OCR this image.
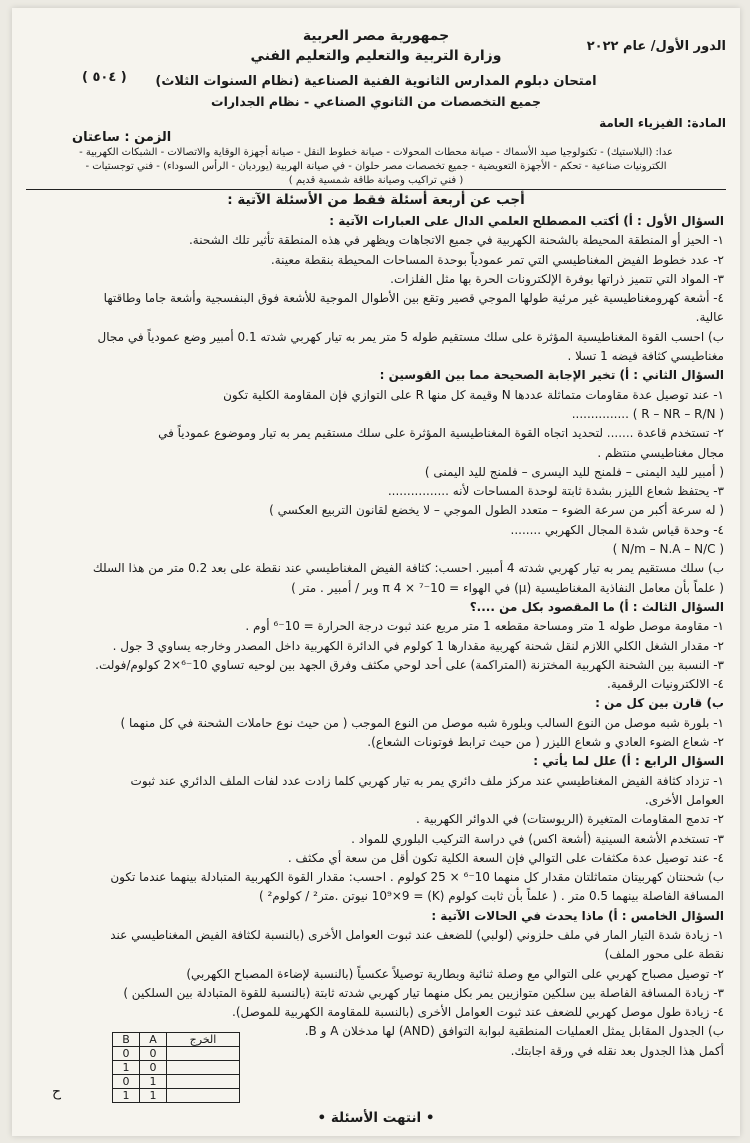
الدور الأول/ عام ٢٠٢٢
( ٥٠٤ )
جمهورية مصر العربية
وزارة التربية والتعليم والتعليم الفني
امتحان دبلوم المدارس الثانوية الفنية الصناعية (نظام السنوات الثلاث)
جميع التخصصات من الثانوي الصناعي - نظام الجدارات
المادة: الفيزياء العامة
الزمن : ساعتان
عدا: (البلاستيك) - تكنولوجيا صيد الأسماك - صيانة محطات المحولات - صيانة خطوط النقل - صيانة أجهزة الوقاية والاتصالات - الشبكات الكهربية -
الكترونيات صناعية - تحكم - الأجهزة التعويضية - جميع تخصصات مصر حلوان - في صيانة الهربية (يورديان - الرأس السوداء) - فني توجستيات -
( فني تراكيب وصيانة طاقة شمسية قديم )
أجب عن أربعة أسئلة فقط من الأسئلة الآتية :

السؤال الأول : أ) أكتب المصطلح العلمي الدال على العبارات الآتية :

١- الحيز أو المنطقة المحيطة بالشحنة الكهربية في جميع الاتجاهات ويظهر في هذه المنطقة تأثير تلك الشحنة.

٢- عدد خطوط الفيض المغناطيسي التي تمر عمودياً بوحدة المساحات المحيطة بنقطة معينة.

٣- المواد التي تتميز ذراتها بوفرة الإلكترونات الحرة بها مثل الفلزات.

٤- أشعة كهرومغناطيسية غير مرئية طولها الموجي قصير وتقع بين الأطوال الموجية للأشعة فوق البنفسجية وأشعة جاما وطاقتها

عالية.

ب) احسب القوة المغناطيسية المؤثرة على سلك مستقيم طوله 5 متر يمر به تيار كهربي شدته 0.1 أمبير وضع عمودياً في مجال

مغناطيسي كثافة فيضه 1 تسلا .

السؤال الثاني : أ) تخير الإجابة الصحيحة مما بين القوسين :

١- عند توصيل عدة مقاومات متماثلة عددها N وقيمة كل منها R على التوازي فإن المقاومة الكلية تكون

( R – NR – R/N ) ...............

٢- تستخدم قاعدة ....... لتحديد اتجاه القوة المغناطيسية المؤثرة على سلك مستقيم يمر به تيار وموضوع عمودياً في

مجال مغناطيسي منتظم .

( أمبير لليد اليمنى – فلمنج لليد اليسرى – فلمنج لليد اليمنى )

٣- يحتفظ شعاع الليزر بشدة ثابتة لوحدة المساحات لأنه ................

( له سرعة أكبر من سرعة الضوء – متعدد الطول الموجي – لا يخضع لقانون التربيع العكسي )

٤- وحدة قياس شدة المجال الكهربي ........

( N/m – N.A – N/C )

ب) سلك مستقيم يمر به تيار كهربي شدته 4 أمبير. احسب: كثافة الفيض المغناطيسي عند نقطة على بعد 0.2 متر من هذا السلك

( علماً بأن معامل النفاذية المغناطيسية (μ) في الهواء = 10⁻⁷ × π 4 وبر / أمبير . متر )

السؤال الثالث : أ) ما المقصود بكل من ....؟

١- مقاومة موصل طوله 1 متر ومساحة مقطعه 1 متر مربع عند ثبوت درجة الحرارة = 10⁻⁶ أوم .

٢- مقدار الشغل الكلي اللازم لنقل شحنة كهربية مقدارها 1 كولوم في الدائرة الكهربية داخل المصدر وخارجه يساوي 3 جول .

٣- النسبة بين الشحنة الكهربية المختزنة (المتراكمة) على أحد لوحي مكثف وفرق الجهد بين لوحيه تساوي 10⁻⁶×2 كولوم/فولت.

٤- الالكترونيات الرقمية.

ب) قارن بين كل من :

١- بلورة شبه موصل من النوع السالب وبلورة شبه موصل من النوع الموجب ( من حيث نوع حاملات الشحنة في كل منهما )

٢- شعاع الضوء العادي و شعاع الليزر ( من حيث ترابط فوتونات الشعاع).

السؤال الرابع : أ) علل لما يأتي :

١- تزداد كثافة الفيض المغناطيسي عند مركز ملف دائري يمر به تيار كهربي كلما زادت عدد لفات الملف الدائري عند ثبوت

العوامل الأخرى.

٢- تدمج المقاومات المتغيرة (الريوستات) في الدوائر الكهربية .

٣- تستخدم الأشعة السينية (أشعة اكس) في دراسة التركيب البلوري للمواد .

٤- عند توصيل عدة مكثفات على التوالي فإن السعة الكلية تكون أقل من سعة أي مكثف .

ب) شحنتان كهربيتان متماثلتان مقدار كل منهما 10⁻⁶ × 25 كولوم . احسب: مقدار القوة الكهربية المتبادلة بينهما عندما تكون

المسافة الفاصلة بينهما 0.5 متر . ( علماً بأن ثابت كولوم (K) = 10⁹×9 نيوتن .متر² / كولوم² )

السؤال الخامس : أ) ماذا يحدث في الحالات الآتية :

١- زيادة شدة التيار المار في ملف حلزوني (لولبي) للضعف عند ثبوت العوامل الأخرى (بالنسبة لكثافة الفيض المغناطيسي عند

نقطة على محور الملف)

٢- توصيل مصباح كهربي على التوالي مع وصلة ثنائية وبطارية توصيلاً عكسياً (بالنسبة لإضاءة المصباح الكهربي)

٣- زيادة المسافة الفاصلة بين سلكين متوازيين يمر بكل منهما تيار كهربي شدته ثابتة (بالنسبة للقوة المتبادلة بين السلكين )

٤- زيادة طول موصل كهربي للضعف عند ثبوت العوامل الأخرى (بالنسبة للمقاومة الكهربية للموصل).

ب) الجدول المقابل يمثل العمليات المنطقية لبوابة التوافق (AND) لها مدخلان A و B.

أكمل هذا الجدول بعد نقله في ورقة اجابتك.

B	A	الخرج
0	0	
1	0	
0	1	
1	1	
ح
• انتهت الأسئلة •
